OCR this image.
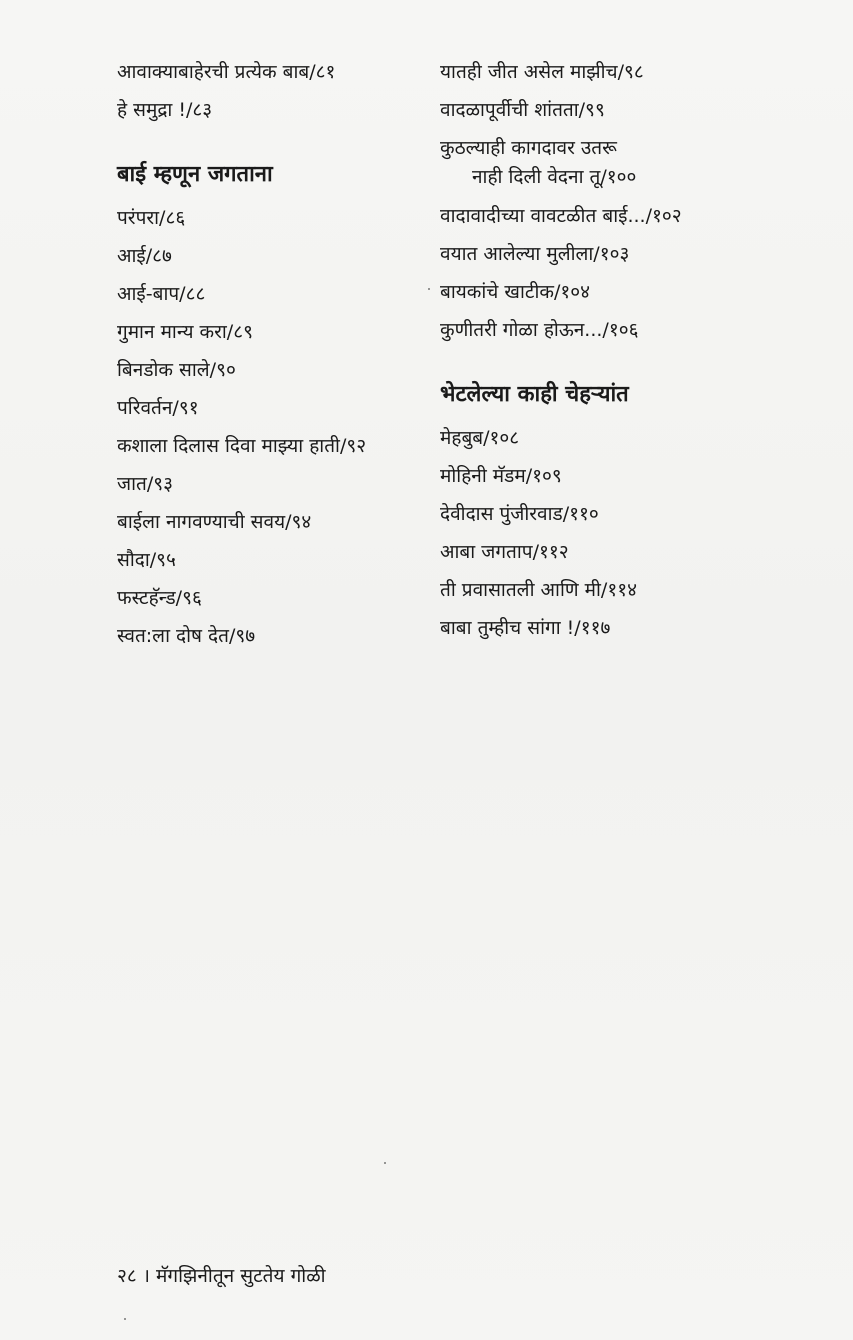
आवाक्याबाहेरची प्रत्येक बाब/८१
हे समुद्रा !/८३
बाई म्हणून जगताना
परंपरा/८६
आई/८७
आई-बाप/८८
गुमान मान्य करा/८९
बिनडोक साले/९०
परिवर्तन/९१
कशाला दिलास दिवा माझ्या हाती/९२
जात/९३
बाईला नागवण्याची सवय/९४
सौदा/९५
फस्टहॅन्ड/९६
स्वत:ला दोष देत/९७
यातही जीत असेल माझीच/९८
वादळापूर्वीची शांतता/९९
कुठल्याही कागदावर उतरू
नाही दिली वेदना तू/१००
वादावादीच्या वावटळीत बाई.../१०२
वयात आलेल्या मुलीला/१०३
बायकांचे खाटीक/१०४
कुणीतरी गोळा होऊन.../१०६
भेटलेल्या काही चेहऱ्यांत
मेहबुब/१०८
मोहिनी मॅडम/१०९
देवीदास पुंजीरवाड/११०
आबा जगताप/११२
ती प्रवासातली आणि मी/११४
बाबा तुम्हीच सांगा !/११७
२८ । मॅगझिनीतून सुटतेय गोळी
